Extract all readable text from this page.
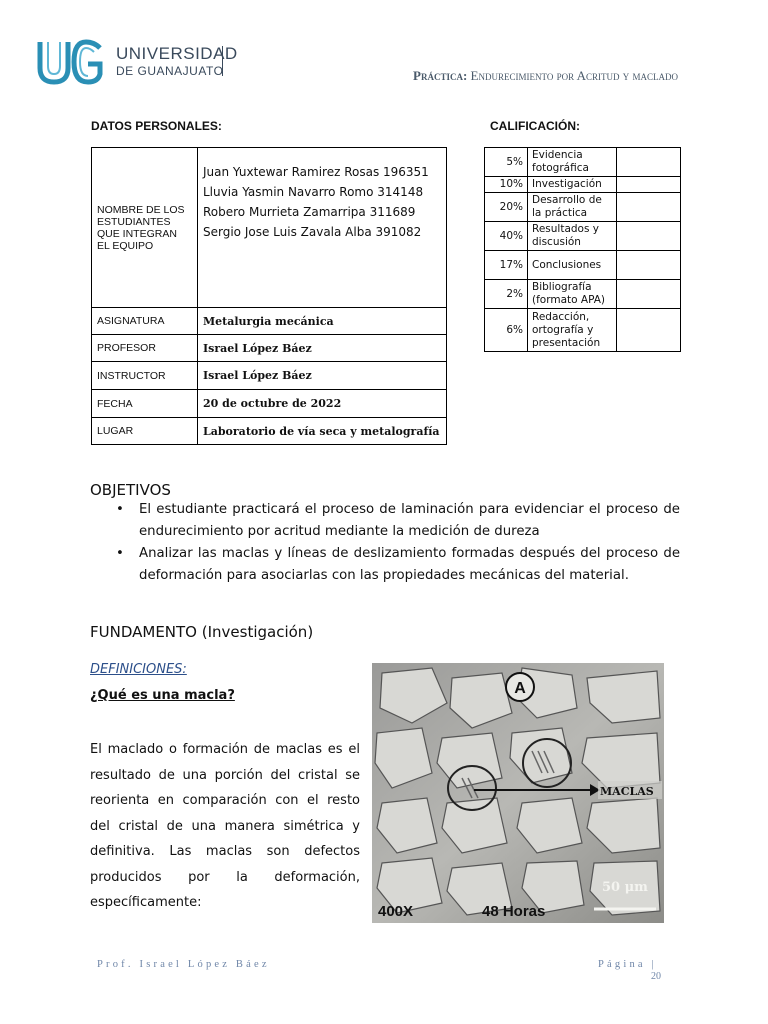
UNIVERSIDAD
DE GUANAJUATO	Práctica: Endurecimiento por Acritud y maclado
DATOS PERSONALES:
NOMBRE DE LOS ESTUDIANTES QUE INTEGRAN EL EQUIPO	Juan Yuxtewar Ramirez Rosas 196351
Lluvia Yasmin Navarro Romo 314148
Robero Murrieta Zamarripa 311689
Sergio Jose Luis Zavala Alba 391082

ASIGNATURA	Metalurgia mecánica
PROFESOR	Israel López Báez
INSTRUCTOR	Israel López Báez
FECHA	20 de octubre de 2022
LUGAR	Laboratorio de vía seca y metalografía
CALIFICACIÓN:
5%	Evidencia fotográfica	
10%	Investigación	
20%	Desarrollo de la práctica	
40%	Resultados y discusión	
17%	Conclusiones	
2%	Bibliografía (formato APA)	
6%	Redacción, ortografía y presentación	
OBJETIVOS
• El estudiante practicará el proceso de laminación para evidenciar el proceso de endurecimiento por acritud mediante la medición de dureza
• Analizar las maclas y líneas de deslizamiento formadas después del proceso de deformación para asociarlas con las propiedades mecánicas del material.
FUNDAMENTO (Investigación)
DEFINICIONES:
¿Qué es una macla?
El maclado o formación de maclas es el resultado de una porción del cristal se reorienta en comparación con el resto del cristal de una manera simétrica y definitiva. Las maclas son defectos producidos por la deformación, específicamente:
A
MACLAS
400X	48 Horas
50 μm
Prof. Israel López Báez	Página |
20
